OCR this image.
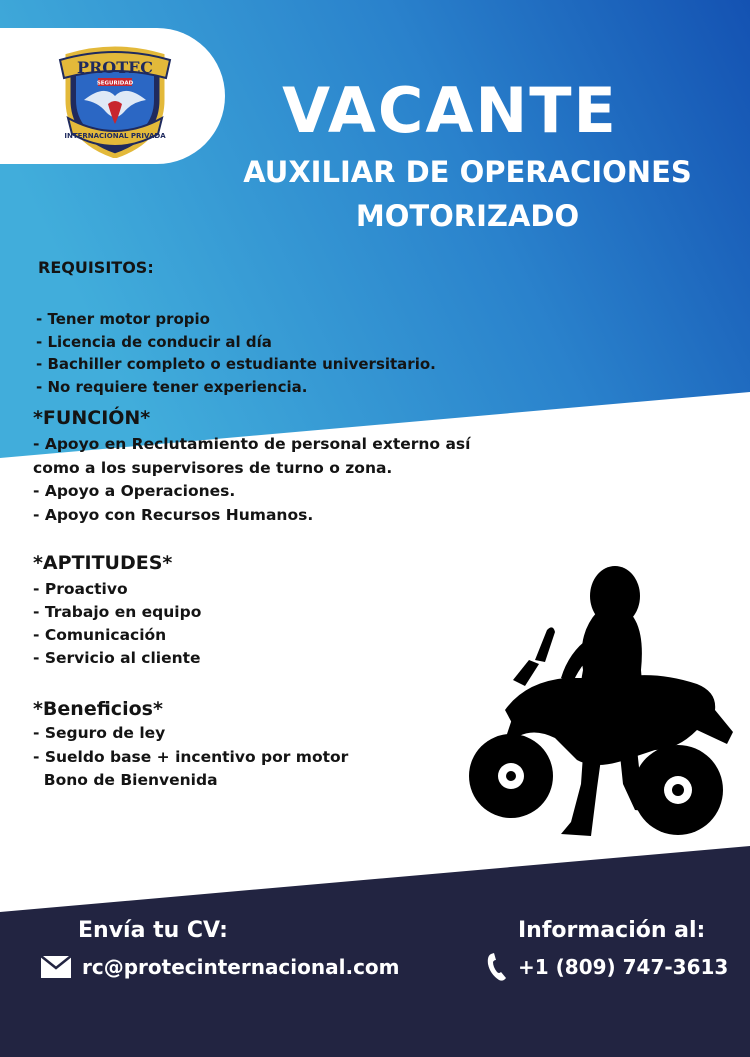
PROTEC
SEGURIDAD
INTERNACIONAL PRIVADA	VACANTE
AUXILIAR DE OPERACIONES
MOTORIZADO
REQUISITOS:
- Tener motor propio
- Licencia de conducir al día
- Bachiller completo o estudiante universitario.
- No requiere tener experiencia.
*FUNCIÓN*
- Apoyo en Reclutamiento de personal externo así
como a los supervisores de turno o zona.
- Apoyo a Operaciones.
- Apoyo con Recursos Humanos.
*APTITUDES*
- Proactivo
- Trabajo en equipo
- Comunicación
- Servicio al cliente
*Beneficios*
- Seguro de ley
- Sueldo base + incentivo por motor
Bono de Bienvenida
Envía tu CV:
rc@protecinternacional.com
Información al:
+1 (809) 747-3613
